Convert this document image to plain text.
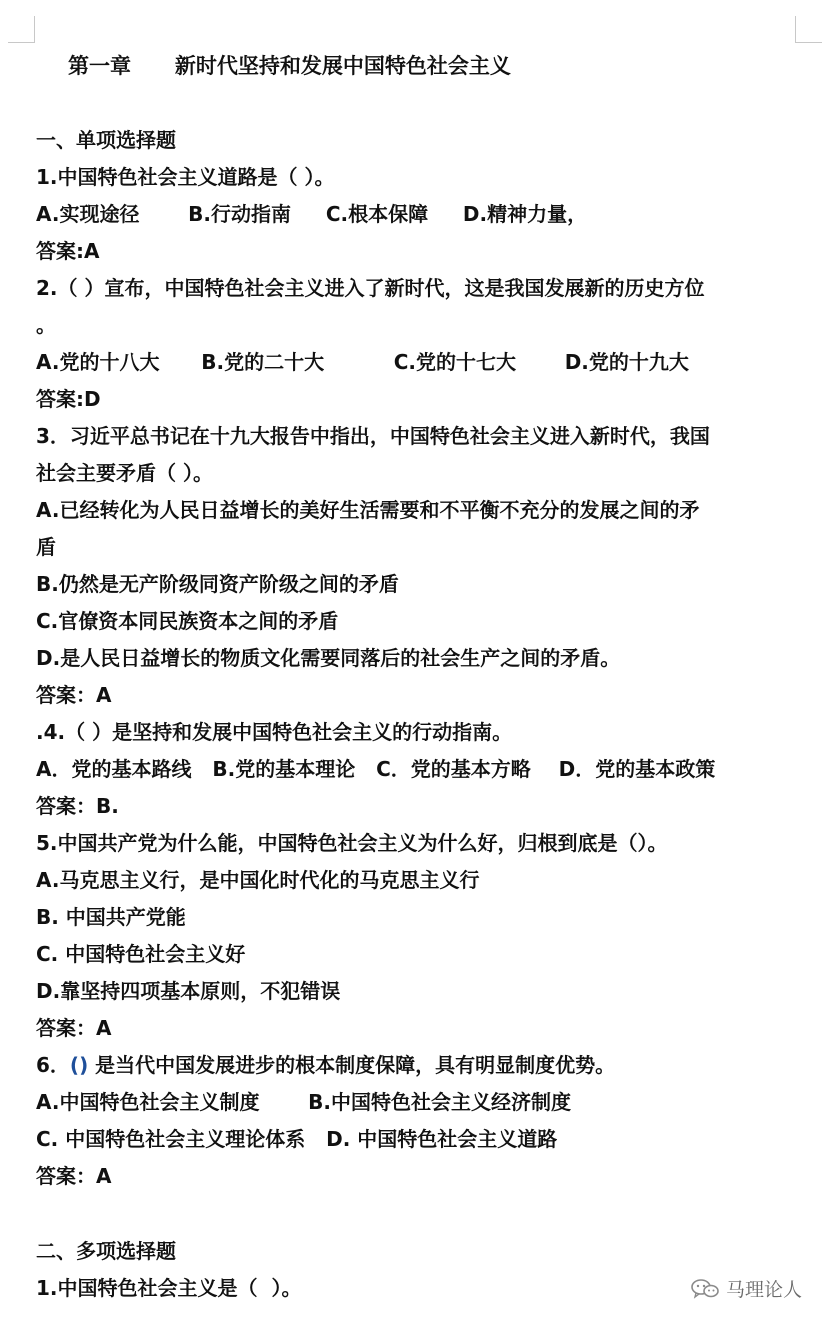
第一章      新时代坚持和发展中国特色社会主义
一、单项选择题
1.中国特色社会主义道路是（ ）。
A.实现途径       B.行动指南     C.根本保障     D.精神力量，
答案:A
2.（ ）宣布，中国特色社会主义进入了新时代，这是我国发展新的历史方位
。
A.党的十八大      B.党的二十大          C.党的十七大       D.党的十九大
答案:D
3．习近平总书记在十九大报告中指出，中国特色社会主义进入新时代，我国
社会主要矛盾（ ）。
A.已经转化为人民日益增长的美好生活需要和不平衡不充分的发展之间的矛
盾
B.仍然是无产阶级同资产阶级之间的矛盾
C.官僚资本同民族资本之间的矛盾
D.是人民日益增长的物质文化需要同落后的社会生产之间的矛盾。
答案：A
.4.（ ）是坚持和发展中国特色社会主义的行动指南。
A．党的基本路线   B.党的基本理论   C．党的基本方略    D．党的基本政策
答案：B.
5.中国共产党为什么能，中国特色社会主义为什么好，归根到底是（）。
A.马克思主义行，是中国化时代化的马克思主义行
B. 中国共产党能
C. 中国特色社会主义好
D.靠坚持四项基本原则，不犯错误
答案：A
6．() 是当代中国发展进步的根本制度保障，具有明显制度优势。
A.中国特色社会主义制度       B.中国特色社会主义经济制度
C. 中国特色社会主义理论体系   D. 中国特色社会主义道路
答案：A
二、多项选择题
1.中国特色社会主义是（  ）。	马理论人
